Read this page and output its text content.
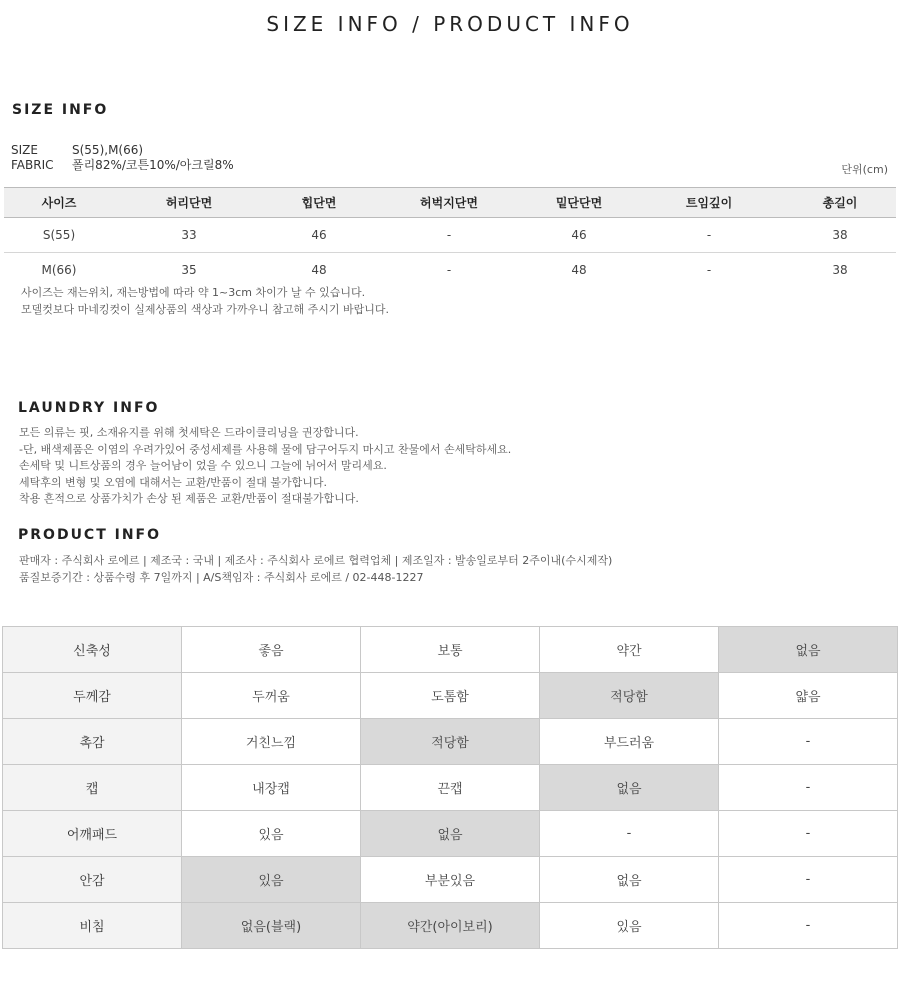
SIZE INFO / PRODUCT INFO
SIZE INFO
SIZE	S(55),M(66)
FABRIC 폴리82%/코튼10%/아크릴8%	단위(cm)
사이즈	허리단면	힙단면	허벅지단면	밑단단면	트임깊이	총길이
S(55)	33	46	-	46	-	38
M(66)	35	48	-	48	-	38
사이즈는 재는위치, 재는방법에 따라 약 1~3cm 차이가 날 수 있습니다.
모델컷보다 마네킹컷이 실제상품의 색상과 가까우니 참고해 주시기 바랍니다.
LAUNDRY INFO
모든 의류는 핏, 소재유지를 위해 첫세탁은 드라이클리닝을 권장합니다.
-단, 배색제품은 이염의 우려가있어 중성세제를 사용해 물에 담구어두지 마시고 찬물에서 손세탁하세요.
손세탁 및 니트상품의 경우 늘어남이 었을 수 있으니 그늘에 뉘어서 말리세요.
세탁후의 변형 및 오염에 대해서는 교환/반품이 절대 불가합니다.
착용 흔적으로 상품가치가 손상 된 제품은 교환/반품이 절대불가합니다.
PRODUCT INFO
판매자 : 주식회사 로에르 | 제조국 : 국내 | 제조사 : 주식회사 로에르 협력업체 | 제조일자 : 발송일로부터 2주이내(수시제작)
품질보증기간 : 상품수령 후 7일까지 | A/S책임자 : 주식회사 로에르 / 02-448-1227
신축성	좋음	보통	약간	없음
두께감	두꺼움	도톰함	적당함	얇음
촉감	거친느낌	적당함	부드러움	-
캡	내장캡	끈캡	없음	-
어깨패드	있음	없음	-	-
안감	있음	부분있음	없음	-
비침	없음(블랙)	약간(아이보리)	있음	-
